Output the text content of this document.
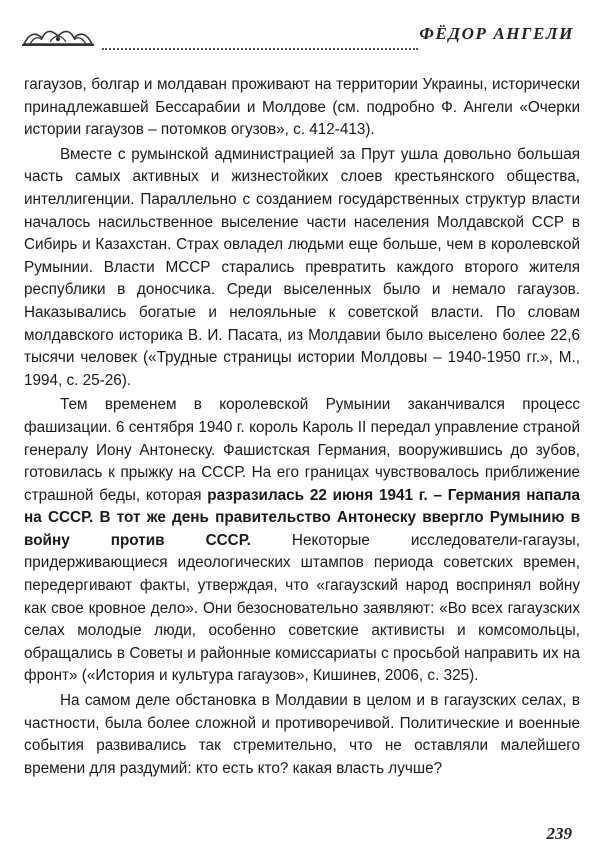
ФЁДОР АНГЕЛИ

гагаузов, болгар и молдаван проживают на территории Украины, исторически принадлежавшей Бессарабии и Молдове (см. подробно Ф. Ангели «Очерки истории гагаузов – потомков огузов», с. 412-413).

Вместе с румынской администрацией за Прут ушла довольно большая часть самых активных и жизнестойких слоев крестьянского общества, интеллигенции. Параллельно с созданием государственных структур власти началось насильственное выселение части населения Молдавской ССР в Сибирь и Казахстан. Страх овладел людьми еще больше, чем в королевской Румынии. Власти МССР старались превратить каждого второго жителя республики в доносчика. Среди выселенных было и немало гагаузов. Наказывались богатые и нелояльные к советской власти. По словам молдавского историка В. И. Пасата, из Молдавии было выселено более 22,6 тысячи человек («Трудные страницы истории Молдовы – 1940-1950 гг.», М., 1994, с. 25-26).

Тем временем в королевской Румынии заканчивался процесс фашизации. 6 сентября 1940 г. король Кароль II передал управление страной генералу Иону Антонеску. Фашистская Германия, вооружившись до зубов, готовилась к прыжку на СССР. На его границах чувствовалось приближение страшной беды, которая разразилась 22 июня 1941 г. – Германия напала на СССР. В тот же день правительство Антонеску ввергло Румынию в войну против СССР. Некоторые исследователи-гагаузы, придерживающиеся идеологических штампов периода советских времен, передергивают факты, утверждая, что «гагаузский народ воспринял войну как свое кровное дело». Они безосновательно заявляют: «Во всех гагаузских селах молодые люди, особенно советские активисты и комсомольцы, обращались в Советы и районные комиссариаты с просьбой направить их на фронт» («История и культура гагаузов», Кишинев, 2006, с. 325).

На самом деле обстановка в Молдавии в целом и в гагаузских селах, в частности, была более сложной и противоречивой. Политические и военные события развивались так стремительно, что не оставляли малейшего времени для раздумий: кто есть кто? какая власть лучше?

239
